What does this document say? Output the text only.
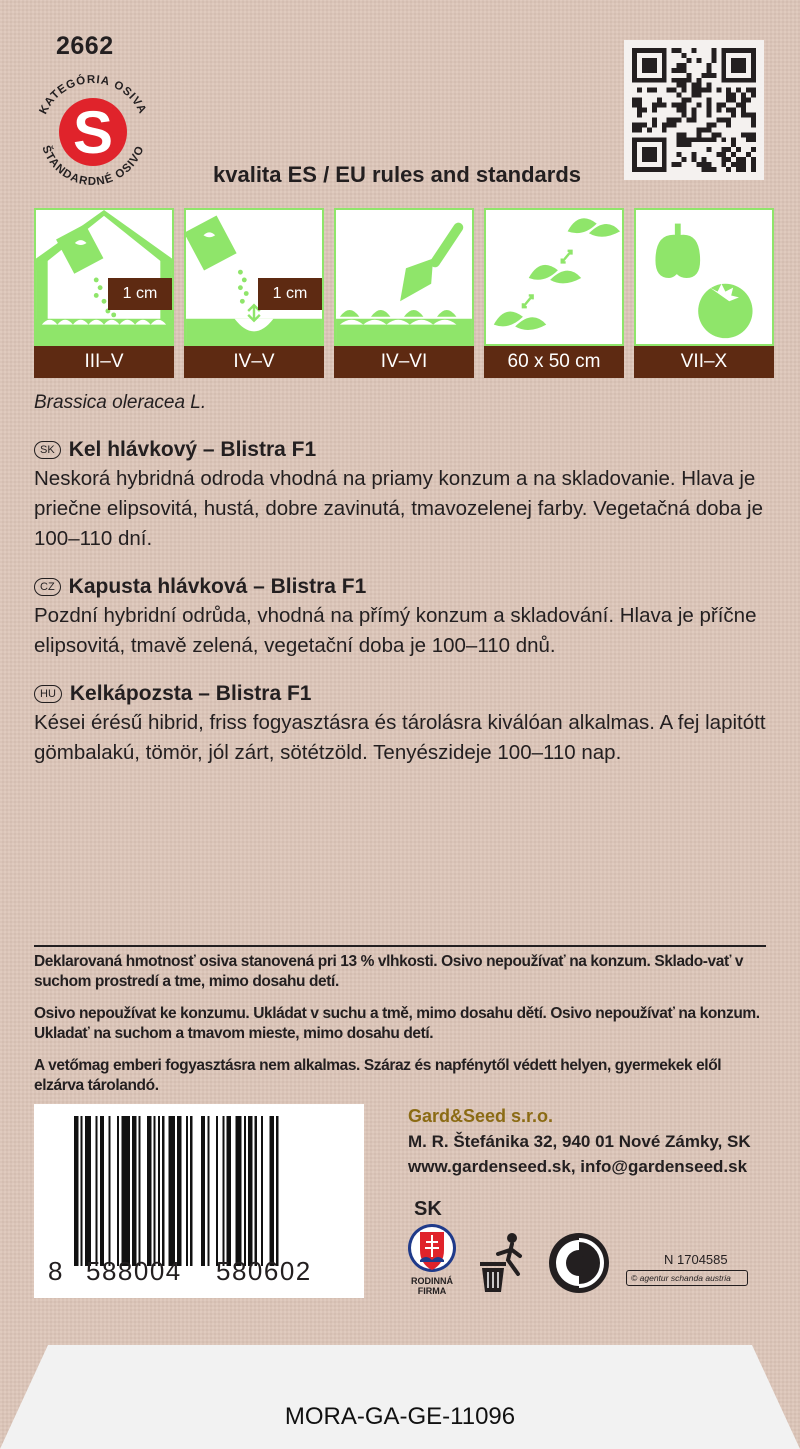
2662
KATEGÓRIA OSIVA
ŠTANDARDNÉ OSIVO
S
kvalita ES / EU rules and standards
1 cm
III–V
1 cm
IV–V	IV–VI	60 x 50 cm	VII–X
Brassica oleracea L.
SK Kel hlávkový – Blistra F1
Neskorá hybridná odroda vhodná na priamy konzum a na skladovanie. Hlava je priečne elipsovitá, hustá, dobre zavinutá, tmavozelenej farby. Vegetačná doba je 100–110 dní.
CZ Kapusta hlávková – Blistra F1
Pozdní hybridní odrůda, vhodná na přímý konzum a skladování. Hlava je příčne elipsovitá, tmavě zelená, vegetační doba je 100–110 dnů.
HU Kelkápozsta – Blistra F1
Kései érésű hibrid, friss fogyasztásra és tárolásra kiválóan alkalmas. A fej lapitótt gömbalakú, tömör, jól zárt, sötétzöld. Tenyészideje 100–110 nap.
Deklarovaná hmotnosť osiva stanovená pri 13 % vlhkosti. Osivo nepoužívať na konzum. Sklado-vať v suchom prostredí a tme, mimo dosahu detí.
Osivo nepoužívat ke konzumu. Ukládat v suchu a tmě, mimo dosahu dětí. Osivo nepoužívať na konzum. Ukladať na suchom a tmavom mieste, mimo dosahu detí.
A vetőmag emberi fogyasztásra nem alkalmas. Száraz és napfénytől védett helyen, gyermekek elől elzárva tárolandó.
8 588004 580602
Gard&Seed s.r.o.
M. R. Štefánika 32, 940 01 Nové Zámky, SK
www.gardenseed.sk, info@gardenseed.sk
SK
RODINNÁ
FIRMA
N 1704585
© agentur schanda austria
MORA-GA-GE-11096
